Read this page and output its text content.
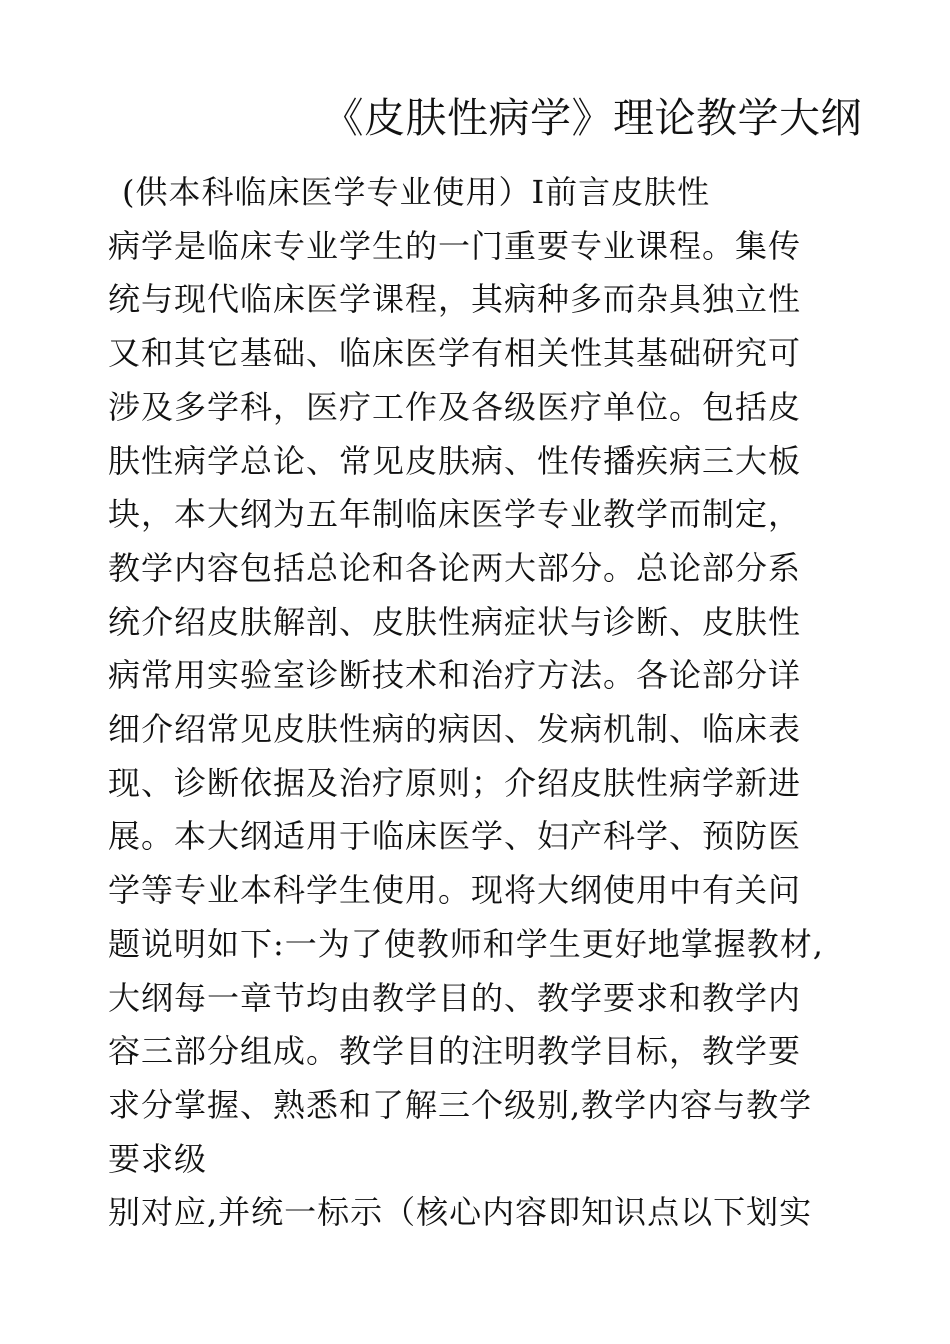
《皮肤性病学》理论教学大纲
(供本科临床医学专业使用）Ⅰ前言皮肤性
病学是临床专业学生的一门重要专业课程。集传
统与现代临床医学课程，其病种多而杂具独立性
又和其它基础、临床医学有相关性其基础研究可
涉及多学科，医疗工作及各级医疗单位。包括皮
肤性病学总论、常见皮肤病、性传播疾病三大板
块，本大纲为五年制临床医学专业教学而制定，
教学内容包括总论和各论两大部分。总论部分系
统介绍皮肤解剖、皮肤性病症状与诊断、皮肤性
病常用实验室诊断技术和治疗方法。各论部分详
细介绍常见皮肤性病的病因、发病机制、临床表
现、诊断依据及治疗原则；介绍皮肤性病学新进
展。本大纲适用于临床医学、妇产科学、预防医
学等专业本科学生使用。现将大纲使用中有关问
题说明如下:一为了使教师和学生更好地掌握教材,
大纲每一章节均由教学目的、教学要求和教学内
容三部分组成。教学目的注明教学目标，教学要
求分掌握、熟悉和了解三个级别,教学内容与教学
要求级
别对应,并统一标示（核心内容即知识点以下划实
